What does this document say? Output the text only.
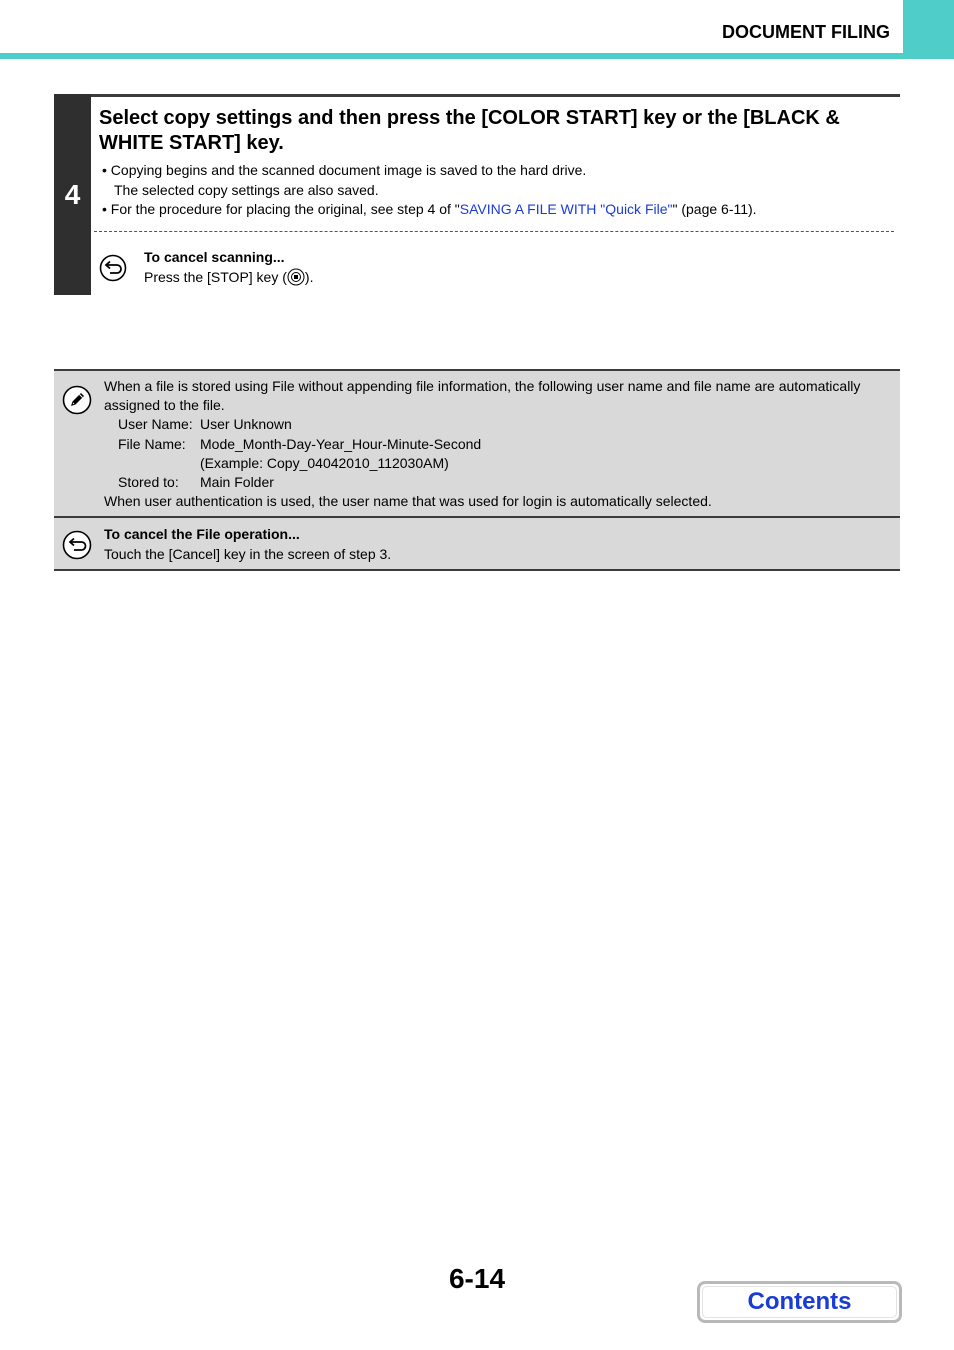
DOCUMENT FILING
4
Select copy settings and then press the [COLOR START] key or the [BLACK & WHITE START] key.
• Copying begins and the scanned document image is saved to the hard drive.
The selected copy settings are also saved.
• For the procedure for placing the original, see step 4 of "SAVING A FILE WITH "Quick File"" (page 6-11).
To cancel scanning...
Press the [STOP] key ( ).
When a file is stored using File without appending file information, the following user name and file name are automatically assigned to the file.
User Name: User Unknown
File Name:	Mode_Month-Day-Year_Hour-Minute-Second
(Example: Copy_04042010_112030AM)
Stored to:	Main Folder
When user authentication is used, the user name that was used for login is automatically selected.
To cancel the File operation...
Touch the [Cancel] key in the screen of step 3.
6-14
Contents
